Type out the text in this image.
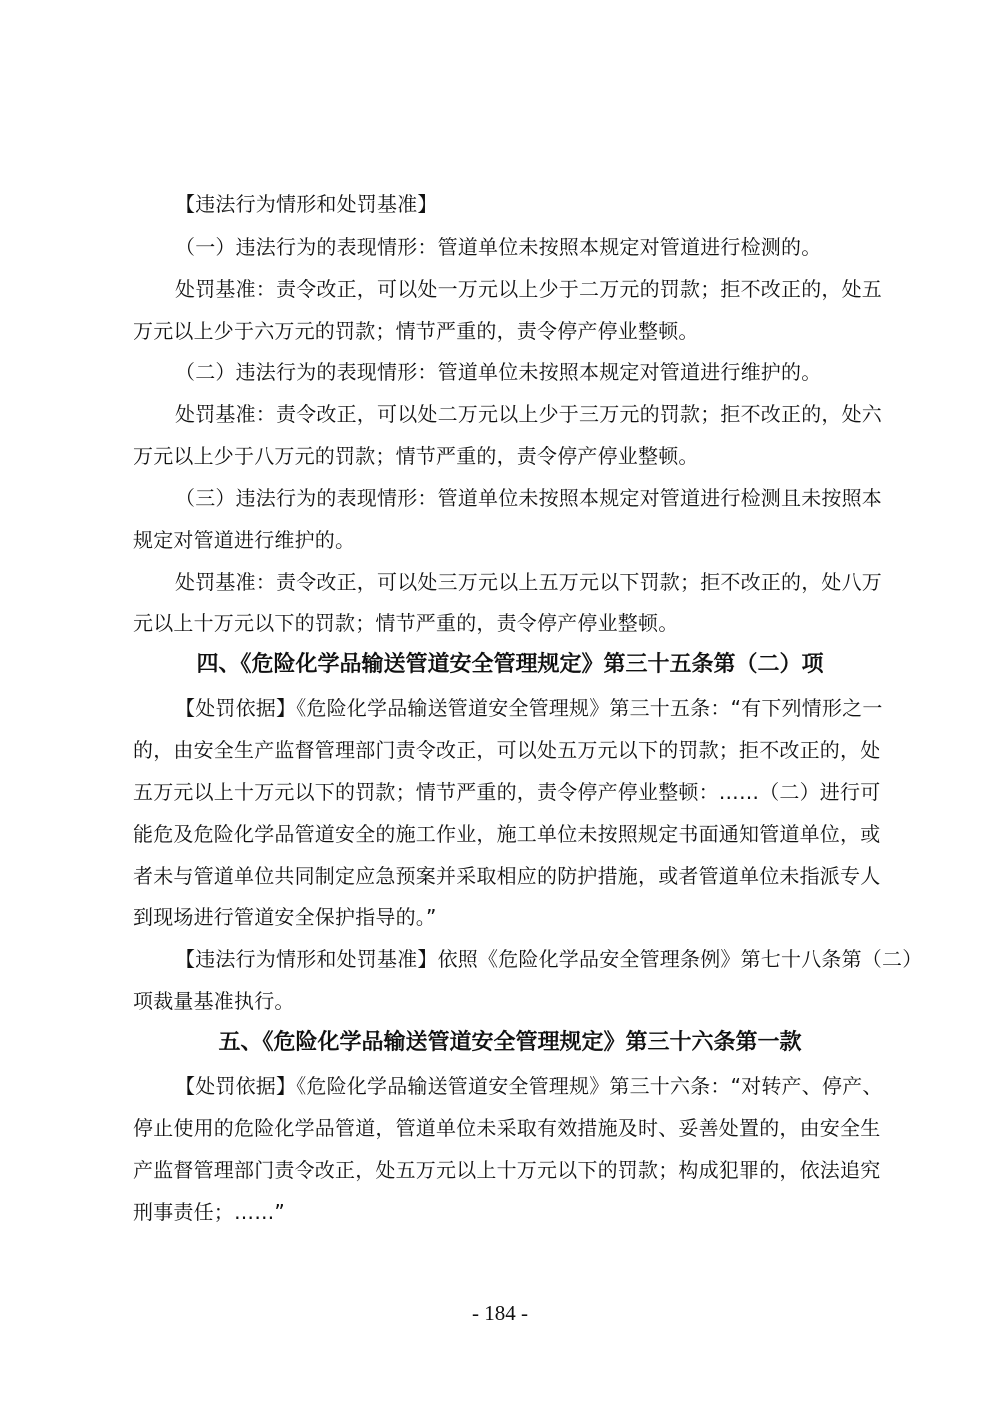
【违法行为情形和处罚基准】
（一）违法行为的表现情形：管道单位未按照本规定对管道进行检测的。
处罚基准：责令改正，可以处一万元以上少于二万元的罚款；拒不改正的，处五
万元以上少于六万元的罚款；情节严重的，责令停产停业整顿。
（二）违法行为的表现情形：管道单位未按照本规定对管道进行维护的。
处罚基准：责令改正，可以处二万元以上少于三万元的罚款；拒不改正的，处六
万元以上少于八万元的罚款；情节严重的，责令停产停业整顿。
（三）违法行为的表现情形：管道单位未按照本规定对管道进行检测且未按照本
规定对管道进行维护的。
处罚基准：责令改正，可以处三万元以上五万元以下罚款；拒不改正的，处八万
元以上十万元以下的罚款；情节严重的，责令停产停业整顿。
四、《危险化学品输送管道安全管理规定》第三十五条第（二）项
【处罚依据】《危险化学品输送管道安全管理规》第三十五条：“有下列情形之一
的，由安全生产监督管理部门责令改正，可以处五万元以下的罚款；拒不改正的，处
五万元以上十万元以下的罚款；情节严重的，责令停产停业整顿：……（二）进行可
能危及危险化学品管道安全的施工作业，施工单位未按照规定书面通知管道单位，或
者未与管道单位共同制定应急预案并采取相应的防护措施，或者管道单位未指派专人
到现场进行管道安全保护指导的。”
【违法行为情形和处罚基准】依照《危险化学品安全管理条例》第七十八条第（二）
项裁量基准执行。
五、《危险化学品输送管道安全管理规定》第三十六条第一款
【处罚依据】《危险化学品输送管道安全管理规》第三十六条：“对转产、停产、
停止使用的危险化学品管道，管道单位未采取有效措施及时、妥善处置的，由安全生
产监督管理部门责令改正，处五万元以上十万元以下的罚款；构成犯罪的，依法追究
刑事责任；……”
- 184 -
